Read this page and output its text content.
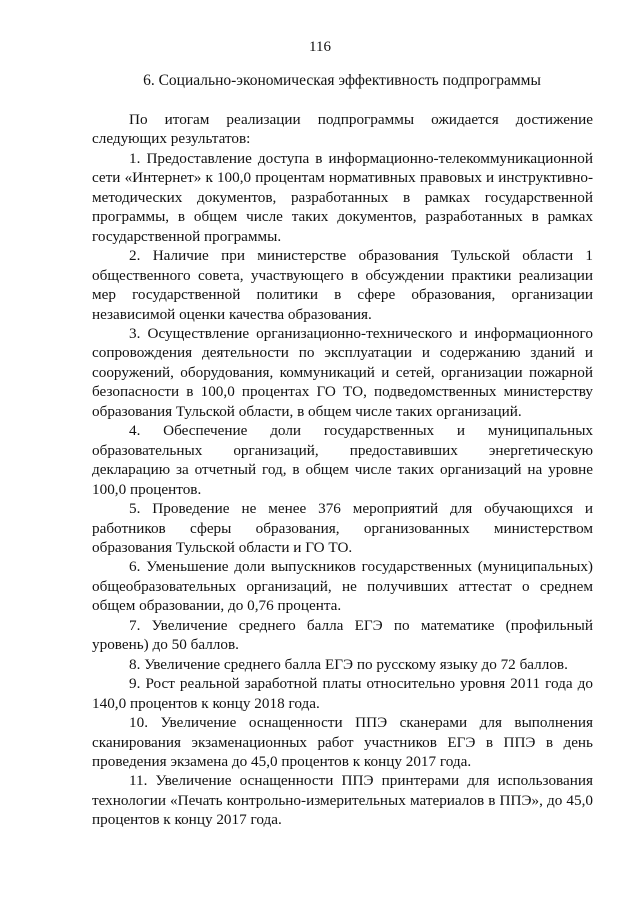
116
6. Социально-экономическая эффективность подпрограммы

По итогам реализации подпрограммы ожидается достижение следующих результатов:

1. Предоставление доступа в информационно-телекоммуникационной сети «Интернет» к 100,0 процентам нормативных правовых и инструктивно-методических документов, разработанных в рамках государственной программы, в общем числе таких документов, разработанных в рамках государственной программы.

2. Наличие при министерстве образования Тульской области 1 общественного совета, участвующего в обсуждении практики реализации мер государственной политики в сфере образования, организации независимой оценки качества образования.

3. Осуществление организационно-технического и информационного сопровождения деятельности по эксплуатации и содержанию зданий и сооружений, оборудования, коммуникаций и сетей, организации пожарной безопасности в 100,0 процентах ГО ТО, подведомственных министерству образования Тульской области, в общем числе таких организаций.

4. Обеспечение доли государственных и муниципальных образовательных организаций, предоставивших энергетическую декларацию за отчетный год, в общем числе таких организаций на уровне 100,0 процентов.

5. Проведение не менее 376 мероприятий для обучающихся и работников сферы образования, организованных министерством образования Тульской области и ГО ТО.

6. Уменьшение доли выпускников государственных (муниципальных) общеобразовательных организаций, не получивших аттестат о среднем общем образовании, до 0,76 процента.

7. Увеличение среднего балла ЕГЭ по математике (профильный уровень) до 50 баллов.

8. Увеличение среднего балла ЕГЭ по русскому языку до 72 баллов.

9. Рост реальной заработной платы относительно уровня 2011 года до 140,0 процентов к концу 2018 года.

10. Увеличение оснащенности ППЭ сканерами для выполнения сканирования экзаменационных работ участников ЕГЭ в ППЭ в день проведения экзамена до 45,0 процентов к концу 2017 года.

11. Увеличение оснащенности ППЭ принтерами для использования технологии «Печать контрольно-измерительных материалов в ППЭ», до 45,0 процентов к концу 2017 года.
